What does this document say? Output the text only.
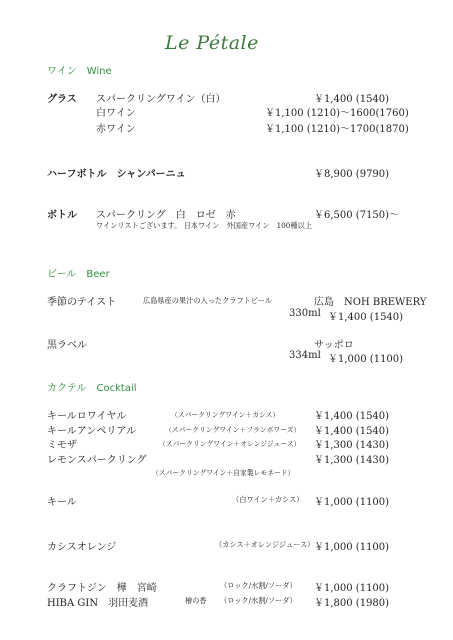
Le Pétale
ワイン　Wine
グラス スパークリングワイン（白）	￥1,400 (1540)
白ワイン	￥1,100 (1210)〜1600(1760)
赤ワイン	￥1,100 (1210)〜1700(1870)
ハーフボトル　シャンパーニュ	￥8,900 (9790)
ボトル スパークリング　白　ロゼ　赤	￥6,500 (7150)〜
ワインリストございます。 日本ワイン　外国産ワイン　100種以上
ビール　Beer
季節のテイスト	広島県産の果汁の入ったクラフトビール	広島　NOH BREWERY
330ml ￥1,400 (1540)
黒ラベル	サッポロ
334ml ￥1,000 (1100)
カクテル　Cocktail
キールロワイヤル	（スパークリングワイン＋カシス）	￥1,400 (1540)
キールアンペリアル	（スパークリングワイン＋フランボワーズ） ￥1,400 (1540)
ミモザ	（スパークリングワイン＋オレンジジュース） ￥1,300 (1430)
レモンスパークリング	￥1,300 (1430)
（スパークリングワイン＋自家製レモネード）
キール	（白ワイン＋カシス） ￥1,000 (1100)
カシスオレンジ	（カシス＋オレンジジュース） ￥1,000 (1100)
クラフトジン　樺　宮崎	（ロック/水割/ソーダ） ￥1,000 (1100)
HIBA GIN　羽田麦酒	檜の香 （ロック/水割/ソーダ） ￥1,800 (1980)
